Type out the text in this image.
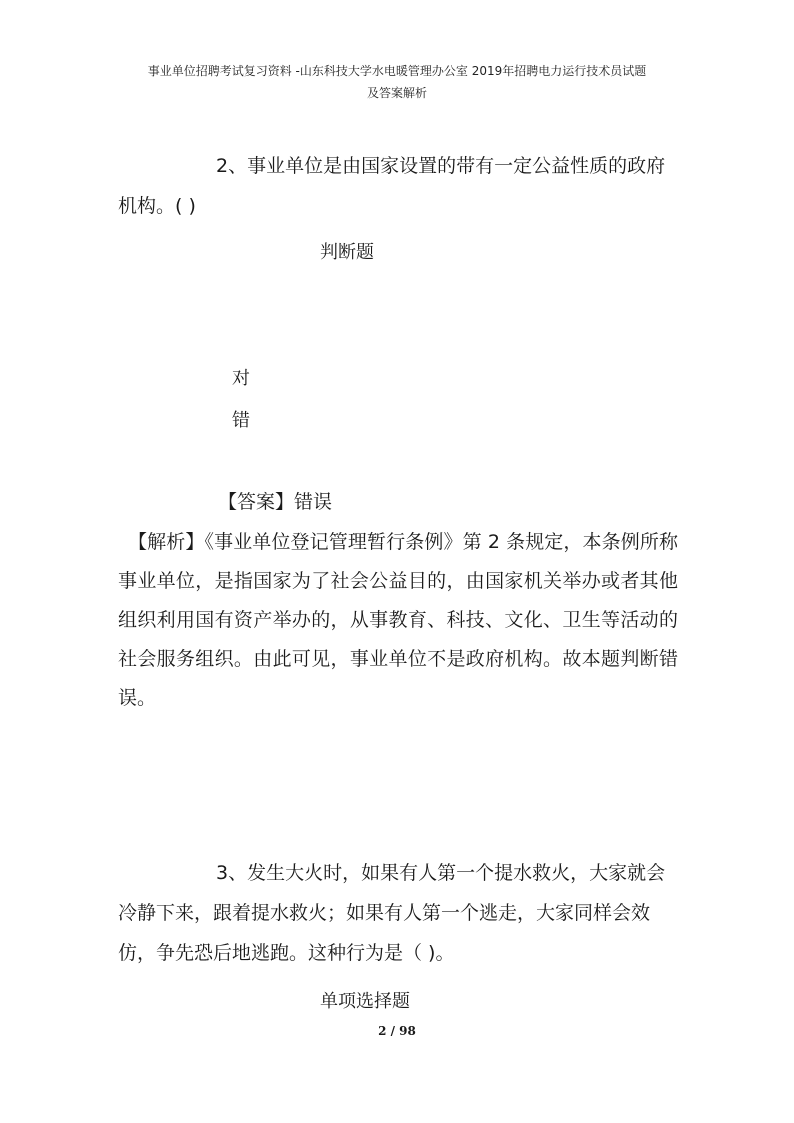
事业单位招聘考试复习资料 -山东科技大学水电暖管理办公室 2019年招聘电力运行技术员试题
及答案解析
2、事业单位是由国家设置的带有一定公益性质的政府机构。( )
判断题
对
错
【答案】错误
【解析】《事业单位登记管理暂行条例》第 2 条规定，本条例所称事业单位，是指国家为了社会公益目的，由国家机关举办或者其他组织利用国有资产举办的，从事教育、科技、文化、卫生等活动的社会服务组织。由此可见，事业单位不是政府机构。故本题判断错误。
3、发生大火时，如果有人第一个提水救火，大家就会冷静下来，跟着提水救火；如果有人第一个逃走，大家同样会效仿，争先恐后地逃跑。这种行为是（ )。
单项选择题
2 / 98
